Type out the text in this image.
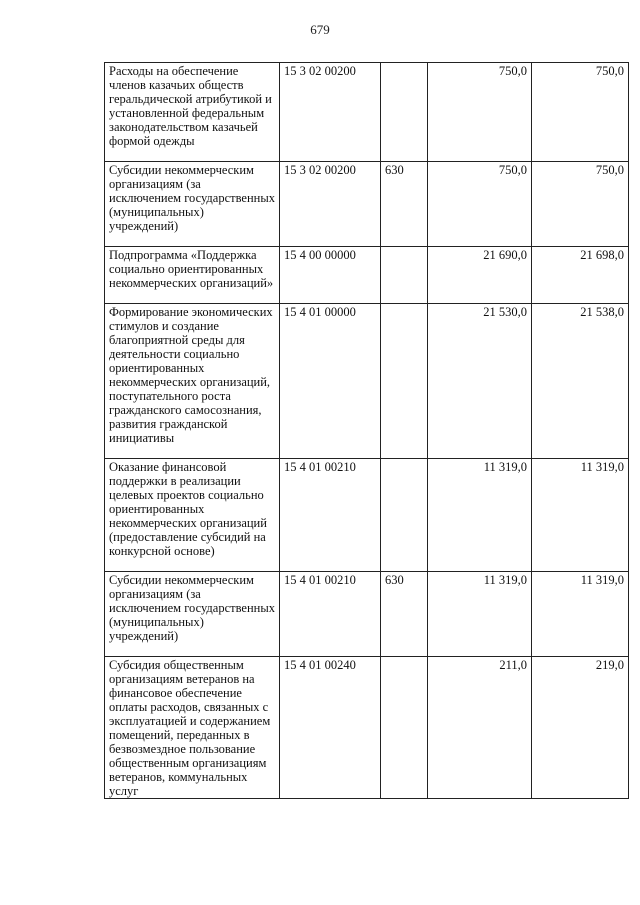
679
Расходы на обеспечение членов казачьих обществ геральдической атрибутикой и установленной федеральным законодательством казачьей формой одежды	15 3 02 00200		750,0	750,0
Субсидии некоммерческим организациям (за исключением государственных (муниципальных) учреждений)	15 3 02 00200	630	750,0	750,0
Подпрограмма «Поддержка социально ориентированных некоммерческих организаций»	15 4 00 00000		21 690,0	21 698,0
Формирование экономических стимулов и создание благоприятной среды для деятельности социально ориентированных некоммерческих организаций, поступательного роста гражданского самосознания, развития гражданской инициативы	15 4 01 00000		21 530,0	21 538,0
Оказание финансовой поддержки в реализации целевых проектов социально ориентированных некоммерческих организаций (предоставление субсидий на конкурсной основе)	15 4 01 00210		11 319,0	11 319,0
Субсидии некоммерческим организациям (за исключением государственных (муниципальных) учреждений)	15 4 01 00210	630	11 319,0	11 319,0
Субсидия общественным организациям ветеранов на финансовое обеспечение оплаты расходов, связанных с эксплуатацией и содержанием помещений, переданных в безвозмездное пользование общественным организациям ветеранов, коммунальных услуг	15 4 01 00240		211,0	219,0
